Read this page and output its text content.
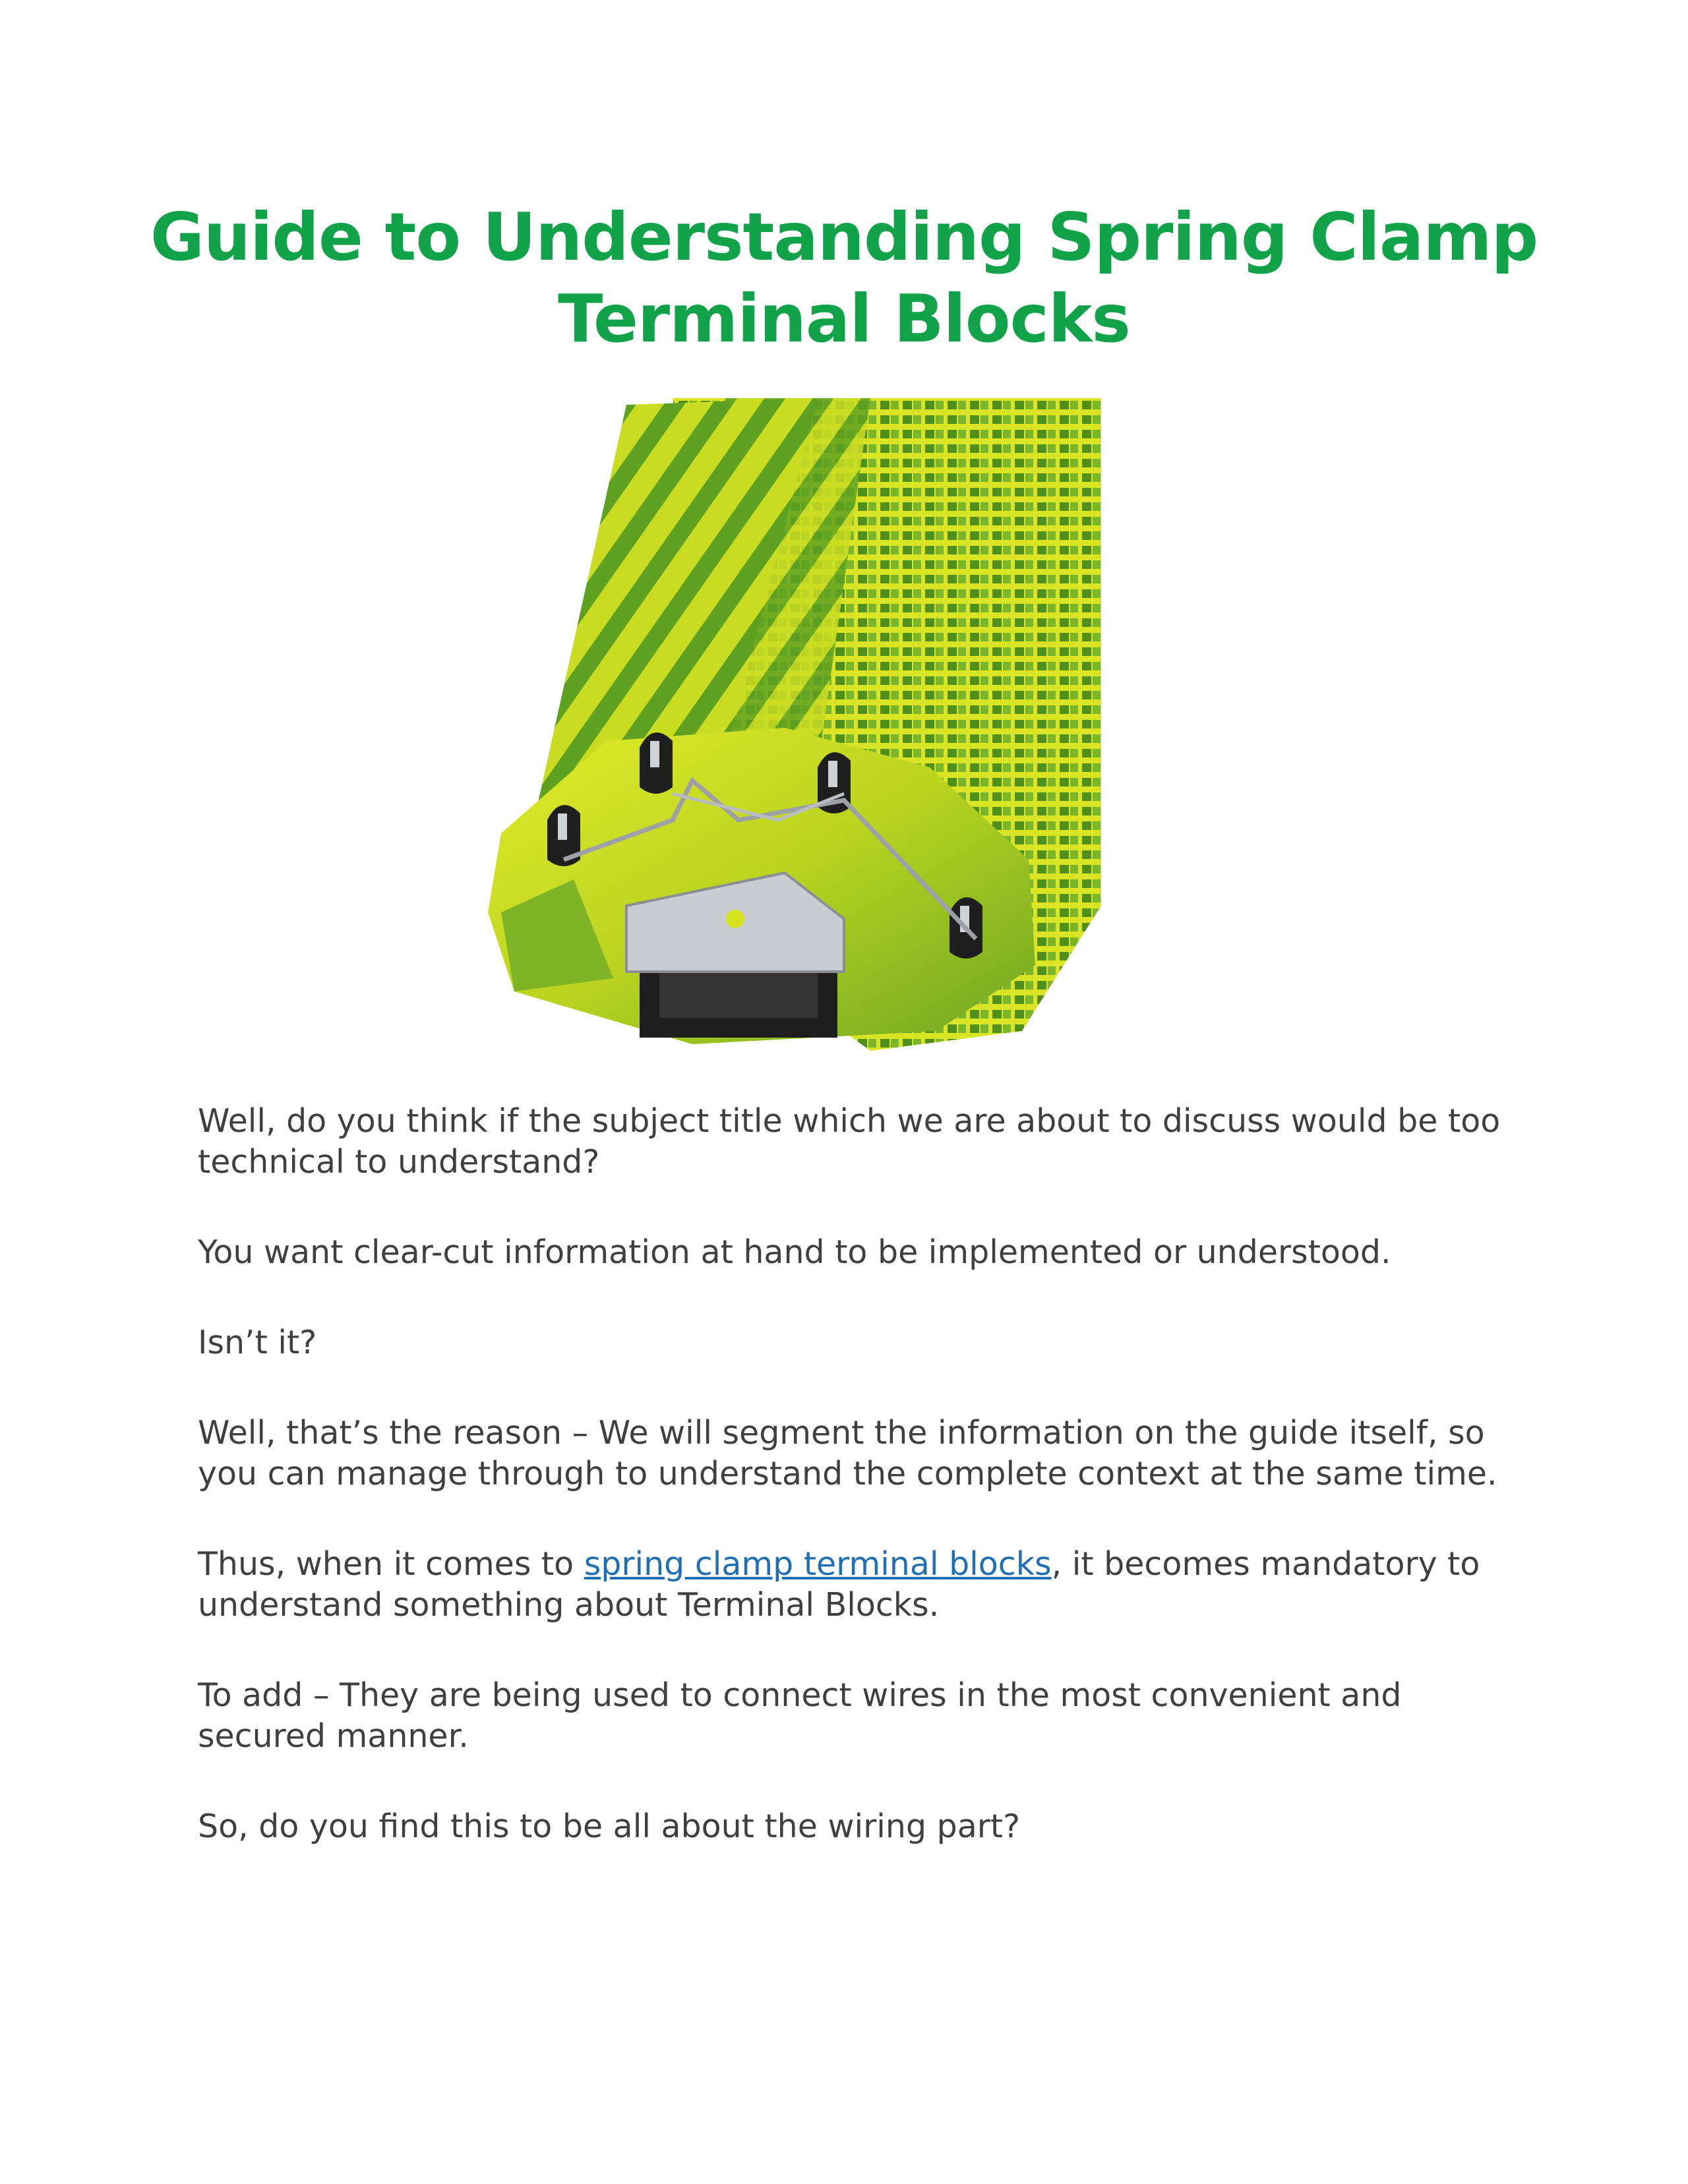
Guide to Understanding Spring Clamp
Terminal Blocks

Well, do you think if the subject title which we are about to discuss would be too technical to understand?

You want clear-cut information at hand to be implemented or understood.

Isn’t it?

Well, that’s the reason – We will segment the information on the guide itself, so you can manage through to understand the complete context at the same time.

Thus, when it comes to spring clamp terminal blocks, it becomes mandatory to understand something about Terminal Blocks.

To add – They are being used to connect wires in the most convenient and secured manner.

So, do you find this to be all about the wiring part?
